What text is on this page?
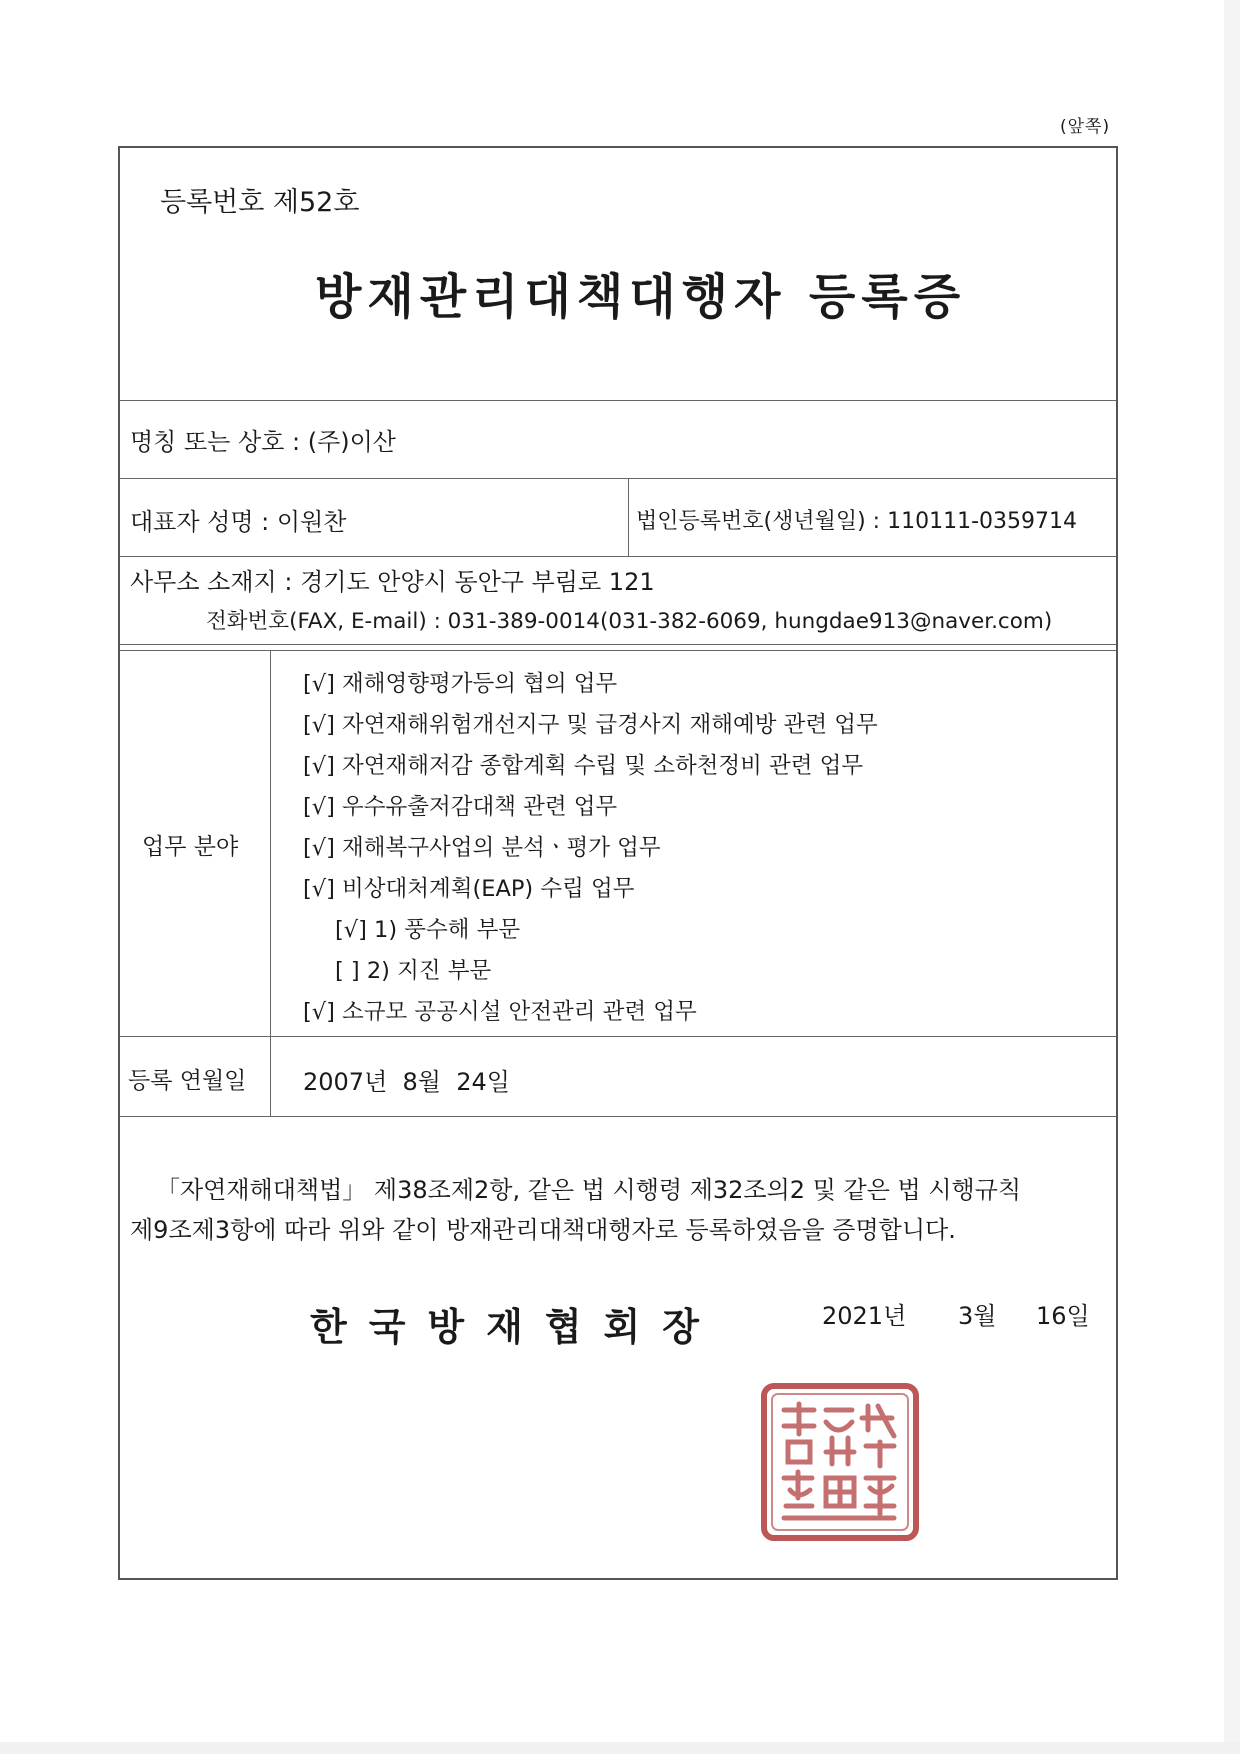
(앞쪽)
등록번호 제52호
방재관리대책대행자 등록증
명칭 또는 상호 : (주)이산
대표자 성명 : 이원찬	법인등록번호(생년월일) : 110111-0359714
사무소 소재지 : 경기도 안양시 동안구 부림로 121
전화번호(FAX, E-mail) : 031-389-0014(031-382-6069, hungdae913@naver.com)
업무 분야
[√] 재해영향평가등의 협의 업무
[√] 자연재해위험개선지구 및 급경사지 재해예방 관련 업무
[√] 자연재해저감 종합계획 수립 및 소하천정비 관련 업무
[√] 우수유출저감대책 관련 업무
[√] 재해복구사업의 분석ㆍ평가 업무
[√] 비상대처계획(EAP) 수립 업무
[√] 1) 풍수해 부문
[ ] 2) 지진 부문
[√] 소규모 공공시설 안전관리 관련 업무
등록 연월일 2007년  8월  24일
「자연재해대책법」 제38조제2항, 같은 법 시행령 제32조의2 및 같은 법 시행규칙
제9조제3항에 따라 위와 같이 방재관리대책대행자로 등록하였음을 증명합니다.
2021년 3월 16일
한국방재협회장
